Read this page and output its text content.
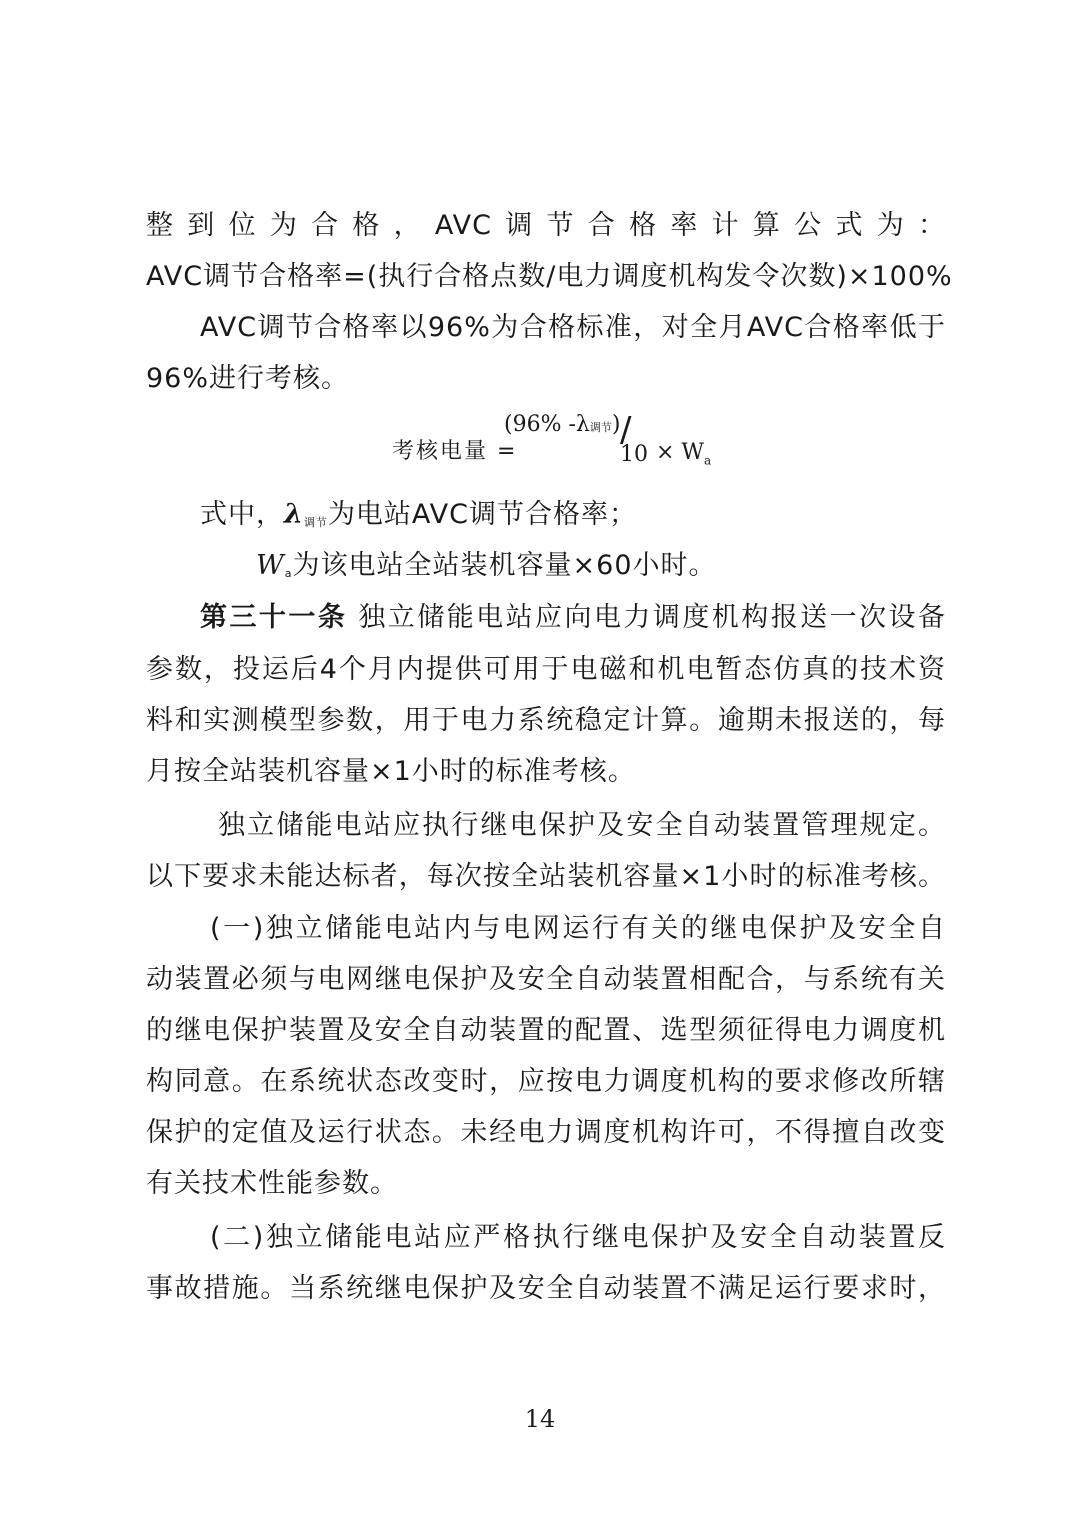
整到位为合格，AVC调节合格率计算公式为：
AVC调节合格率=(执行合格点数/电力调度机构发令次数)×100%
AVC调节合格率以96%为合格标准，对全月AVC合格率低于
96%进行考核。
考核电量 =
(96% -λ调节) /
$10 \times W_a$
式中，λ调节为电站AVC调节合格率；
Wa为该电站全站装机容量×60小时。
第三十一条 独立储能电站应向电力调度机构报送一次设备
参数，投运后4个月内提供可用于电磁和机电暂态仿真的技术资
料和实测模型参数，用于电力系统稳定计算。逾期未报送的，每
月按全站装机容量×1小时的标准考核。
独立储能电站应执行继电保护及安全自动装置管理规定。
以下要求未能达标者，每次按全站装机容量×1小时的标准考核。
(一)独立储能电站内与电网运行有关的继电保护及安全自
动装置必须与电网继电保护及安全自动装置相配合，与系统有关
的继电保护装置及安全自动装置的配置、选型须征得电力调度机
构同意。在系统状态改变时，应按电力调度机构的要求修改所辖
保护的定值及运行状态。未经电力调度机构许可，不得擅自改变
有关技术性能参数。
(二)独立储能电站应严格执行继电保护及安全自动装置反
事故措施。当系统继电保护及安全自动装置不满足运行要求时，
14
